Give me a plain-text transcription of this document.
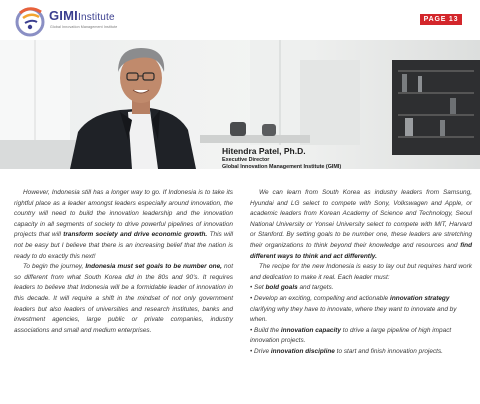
GIMIInstitute
Global Innovation Management Institute
PAGE 13
Hitendra Patel, Ph.D.
Executive Director
Global Innovation Management Institute (GIMI)

However, Indonesia still has a longer way to go. If Indonesia is to take its rightful place as a leader amongst leaders especially around innovation, the country will need to build the innovation leadership and the innovation capacity in all segments of society to drive powerful pipelines of innovation projects that will transform society and drive economic growth. This will not be easy but I believe that there is an increasing belief that the nation is ready to do exactly this next!

To begin the journey, Indonesia must set goals to be number one, not so different from what South Korea did in the 80s and 90's. It requires leaders to believe that Indonesia will be a formidable leader of innovation in this decade. It will require a shift in the mindset of not only government leaders but also leaders of universities and research institutes, banks and investment agencies, large public or private companies, industry associations and small and medium enterprises.

We can learn from South Korea as industry leaders from Samsung, Hyundai and LG select to compete with Sony, Volkswagen and Apple, or academic leaders from Korean Academy of Science and Technology, Seoul National University or Yonsei University select to compete with MIT, Harvard or Stanford. By setting goals to be number one, these leaders are stretching their organizations to think beyond their knowledge and resources and find different ways to think and act differently.

The recipe for the new Indonesia is easy to lay out but requires hard work and dedication to make it real. Each leader must:

• Set bold goals and targets.
• Develop an exciting, compelling and actionable innovation strategy clarifying why they have to innovate, where they want to innovate and by when.
• Build the innovation capacity to drive a large pipeline of high impact innovation projects.
• Drive innovation discipline to start and finish innovation projects.
